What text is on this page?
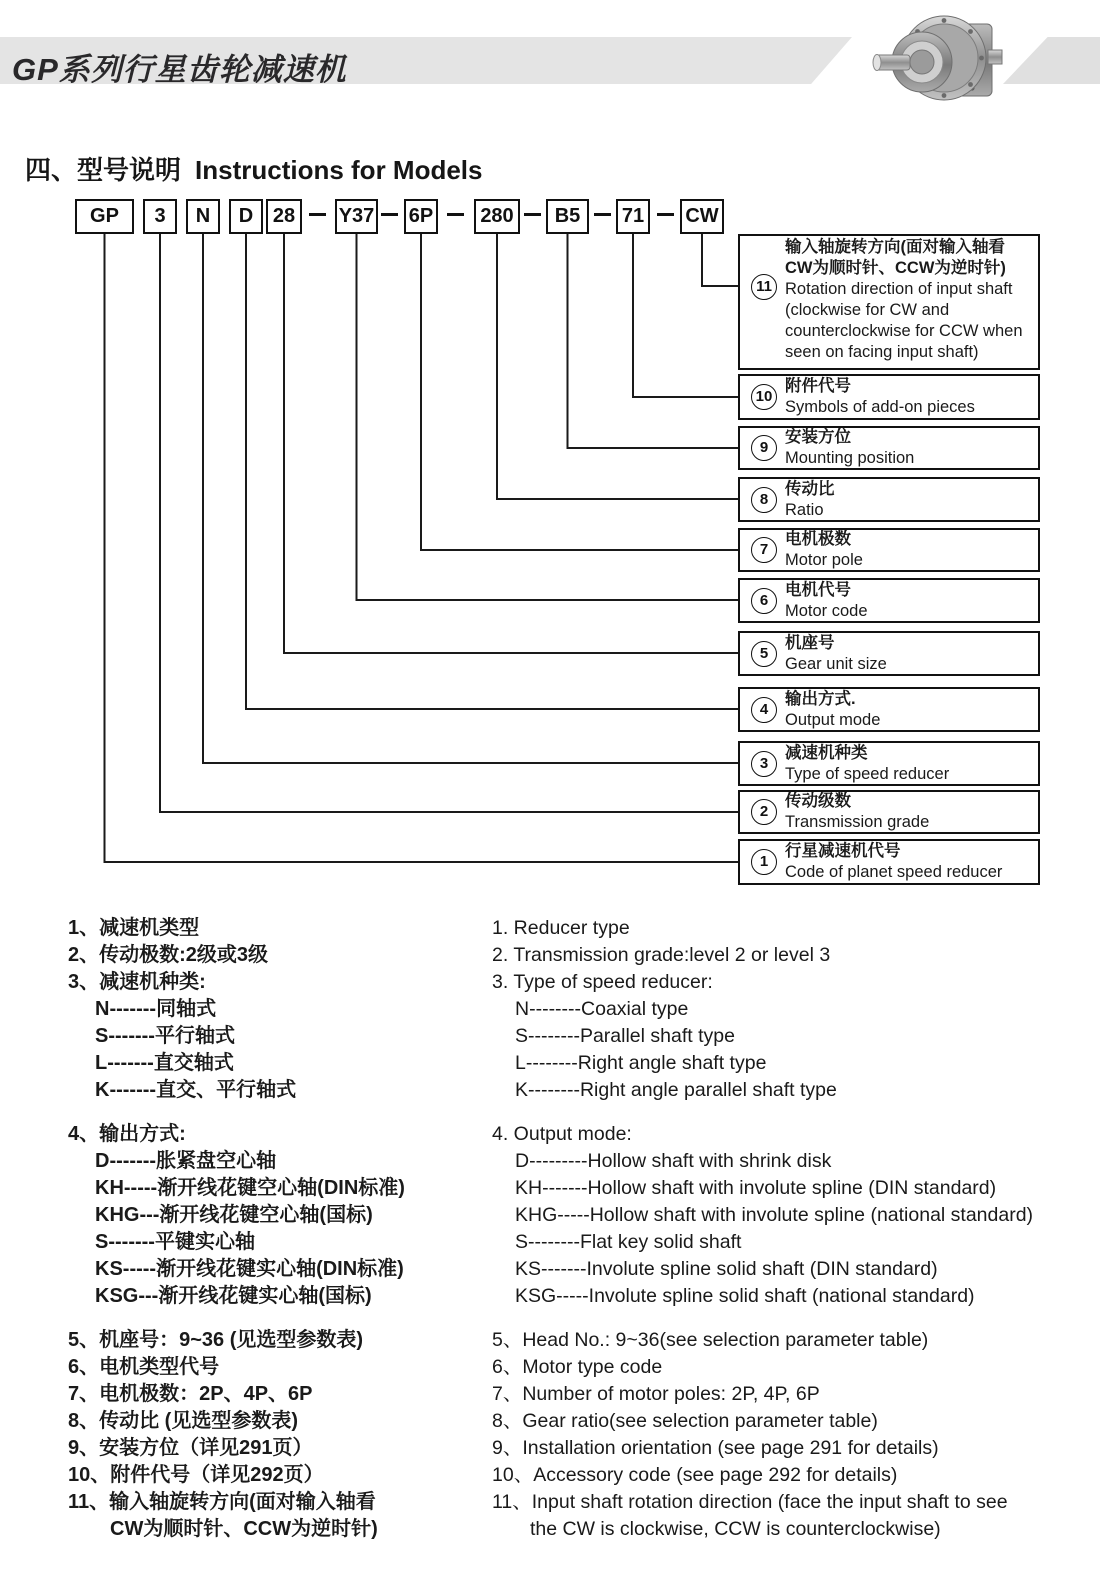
GP系列行星齿轮减速机
四、型号说明 Instructions for Models
GP	3	N	D 28	Y37 6P	280	B5	71 CW
11
输入轴旋转方向(面对输入轴看CW为顺时针、CCW为逆时针)
Rotation direction of input shaft (clockwise for CW and counterclockwise for CCW when seen on facing input shaft)
10
附件代号
Symbols of add-on pieces
9
安装方位
Mounting position
8
传动比
Ratio
7
电机极数
Motor pole
6
电机代号
Motor code
5
机座号
Gear unit size
4
输出方式.
Output mode
3
减速机种类
Type of speed reducer
2
传动级数
Transmission grade
1
行星减速机代号
Code of planet speed reducer
1、减速机类型
2、传动极数:2级或3级
3、减速机种类:
N-------同轴式
S-------平行轴式
L-------直交轴式
K-------直交、平行轴式
4、输出方式:
D-------胀紧盘空心轴
KH-----渐开线花键空心轴(DIN标准)
KHG---渐开线花键空心轴(国标)
S-------平键实心轴
KS-----渐开线花键实心轴(DIN标准)
KSG---渐开线花键实心轴(国标)
5、机座号：9~36 (见选型参数表)
6、电机类型代号
7、电机极数：2P、4P、6P
8、传动比 (见选型参数表)
9、安装方位（详见291页）
10、附件代号（详见292页）
11、输入轴旋转方向(面对输入轴看
CW为顺时针、CCW为逆时针)
1. Reducer type
2. Transmission grade:level 2 or level 3
3. Type of speed reducer:
N--------Coaxial type
S--------Parallel shaft type
L--------Right angle shaft type
K--------Right angle parallel shaft type
4. Output mode:
D---------Hollow shaft with shrink disk
KH-------Hollow shaft with involute spline (DIN standard)
KHG-----Hollow shaft with involute spline (national standard)
S--------Flat key solid shaft
KS-------Involute spline solid shaft (DIN standard)
KSG-----Involute spline solid shaft (national standard)
5、Head No.: 9~36(see selection parameter table)
6、Motor type code
7、Number of motor poles: 2P, 4P, 6P
8、Gear ratio(see selection parameter table)
9、Installation orientation (see page 291 for details)
10、Accessory code (see page 292 for details)
11、Input shaft rotation direction (face the input shaft to see
the CW is clockwise, CCW is counterclockwise)
